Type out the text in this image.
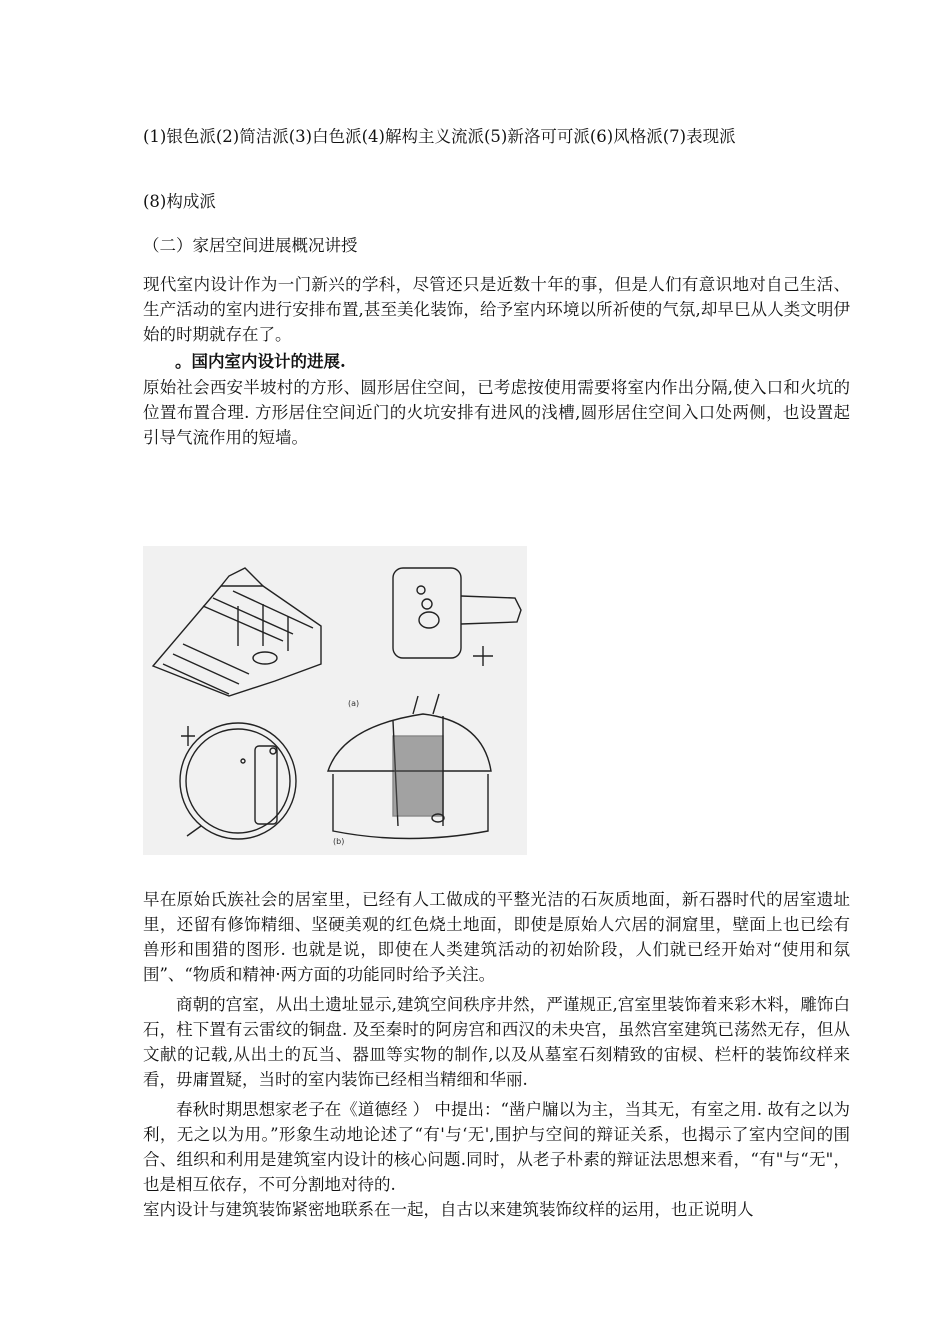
(1)银色派(2)简洁派(3)白色派(4)解构主义流派(5)新洛可可派(6)风格派(7)表现派

(8)构成派

（二）家居空间进展概况讲授

现代室内设计作为一门新兴的学科，尽管还只是近数十年的事，但是人们有意识地对自己生活、生产活动的室内进行安排布置,甚至美化装饰，给予室内环境以所祈使的气氛,却早巳从人类文明伊始的时期就存在了。

。国内室内设计的进展.

原始社会西安半坡村的方形、圆形居住空间，已考虑按使用需要将室内作出分隔,使入口和火坑的位置布置合理. 方形居住空间近门的火坑安排有进风的浅槽,圆形居住空间入口处两侧，也设置起引导气流作用的短墙。

(a)
(b)

早在原始氏族社会的居室里，已经有人工做成的平整光洁的石灰质地面，新石器时代的居室遗址里，还留有修饰精细、坚硬美观的红色烧土地面，即使是原始人穴居的洞窟里，壁面上也已绘有兽形和围猎的图形. 也就是说，即使在人类建筑活动的初始阶段，人们就已经开始对“使用和氛围”、“物质和精神·两方面的功能同时给予关注。

商朝的宫室，从出土遗址显示,建筑空间秩序井然，严谨规正,宫室里装饰着来彩木料，雕饰白石，柱下置有云雷纹的铜盘. 及至秦时的阿房宫和西汉的未央宫，虽然宫室建筑已荡然无存，但从文献的记载,从出土的瓦当、器皿等实物的制作,以及从墓室石刻精致的宙棂、栏杆的装饰纹样来看，毋庸置疑，当时的室内装饰已经相当精细和华丽.

春秋时期思想家老子在《道德经 ） 中提出：“凿户牖以为主，当其无，有室之用. 故有之以为利，无之以为用。”形象生动地论述了“有'与‘无',围护与空间的辩证关系，也揭示了室内空间的围合、组织和利用是建筑室内设计的核心问题.同时，从老子朴素的辩证法思想来看，“有"与“无"，也是相互依存，不可分割地对待的.

室内设计与建筑装饰紧密地联系在一起，自古以来建筑装饰纹样的运用，也正说明人
